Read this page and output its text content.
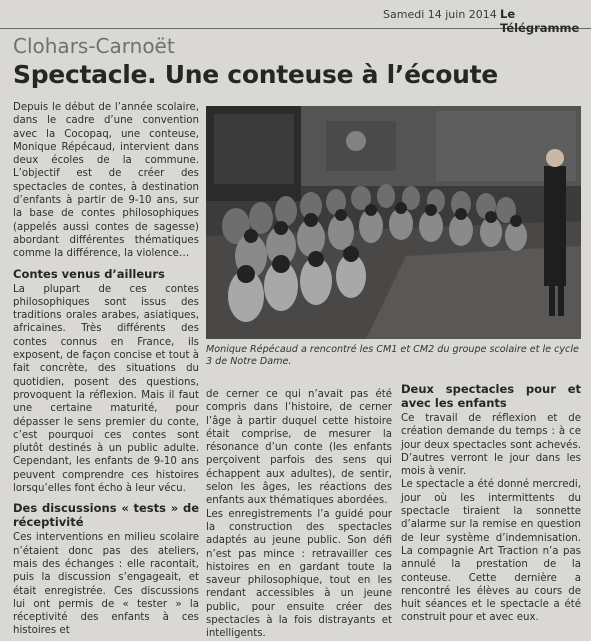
Samedi 14 juin 2014 Le Télégramme
Clohars-Carnoët
Spectacle. Une conteuse à l’écoute

Depuis le début de l’année scolaire, dans le cadre d’une convention avec la Cocopaq, une conteuse, Monique Répécaud, intervient dans deux écoles de la commune. L’objectif est de créer des spectacles de contes, à destination d’enfants à partir de 9-10 ans, sur la base de contes philosophiques (appelés aussi contes de sagesse) abordant différentes thématiques comme la différence, la violence…

Contes venus d’ailleurs

La plupart de ces contes philosophiques sont issus des traditions orales arabes, asiatiques, africaines. Très différents des contes connus en France, ils exposent, de façon concise et tout à fait concrète, des situations du quotidien, posent des questions, provoquent la réflexion. Mais il faut une certaine maturité, pour dépasser le sens premier du conte, c’est pourquoi ces contes sont plutôt destinés à un public adulte. Cependant, les enfants de 9-10 ans peuvent comprendre ces histoires lorsqu’elles font écho à leur vécu.

Des discussions « tests » de réceptivité

Ces interventions en milieu scolaire n’étaient donc pas des ateliers, mais des échanges : elle racontait, puis la discussion s’engageait, et était enregistrée. Ces discussions lui ont permis de « tester » la réceptivité des enfants à ces histoires et

Monique Répécaud a rencontré les CM1 et CM2 du groupe scolaire et le cycle 3 de Notre Dame.

de cerner ce qui n’avait pas été compris dans l’histoire, de cerner l’âge à partir duquel cette histoire était comprise, de mesurer la résonance d’un conte (les enfants perçoivent parfois des sens qui échappent aux adultes), de sentir, selon les âges, les réactions des enfants aux thématiques abordées.

Les enregistrements l’a guidé pour la construction des spectacles adaptés au jeune public. Son défi n’est pas mince : retravailler ces histoires en en gardant toute la saveur philosophique, tout en les rendant accessibles à un jeune public, pour ensuite créer des spectacles à la fois distrayants et intelligents.

Deux spectacles pour et avec les enfants

Ce travail de réflexion et de création demande du temps : à ce jour deux spectacles sont achevés. D’autres verront le jour dans les mois à venir.

Le spectacle a été donné mercredi, jour où les intermittents du spectacle tiraient la sonnette d’alarme sur la remise en question de leur système d’indemnisation. La compagnie Art Traction n’a pas annulé la prestation de la conteuse. Cette dernière a rencontré les élèves au cours de huit séances et le spectacle a été construit pour et avec eux.
